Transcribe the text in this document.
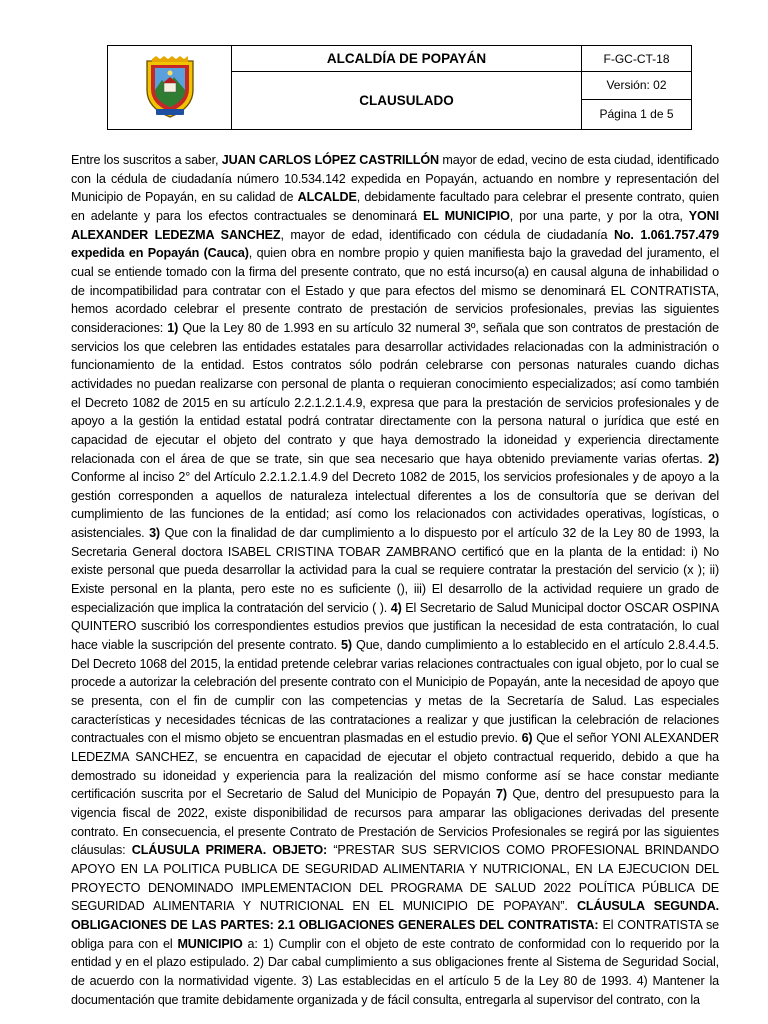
	ALCALDÍA DE POPAYÁN	F-GC-CT-18
	CLAUSULADO	Versión: 02
		Página 1 de 5
Entre los suscritos a saber, JUAN CARLOS LÓPEZ CASTRILLÓN mayor de edad, vecino de esta ciudad, identificado con la cédula de ciudadanía número 10.534.142 expedida en Popayán, actuando en nombre y representación del Municipio de Popayán, en su calidad de ALCALDE, debidamente facultado para celebrar el presente contrato, quien en adelante y para los efectos contractuales se denominará EL MUNICIPIO, por una parte, y por la otra, YONI ALEXANDER LEDEZMA SANCHEZ, mayor de edad, identificado con cédula de ciudadanía No. 1.061.757.479 expedida en Popayán (Cauca), quien obra en nombre propio y quien manifiesta bajo la gravedad del juramento, el cual se entiende tomado con la firma del presente contrato, que no está incurso(a) en causal alguna de inhabilidad o de incompatibilidad para contratar con el Estado y que para efectos del mismo se denominará EL CONTRATISTA, hemos acordado celebrar el presente contrato de prestación de servicios profesionales, previas las siguientes consideraciones: 1) Que la Ley 80 de 1.993 en su artículo 32 numeral 3º, señala que son contratos de prestación de servicios los que celebren las entidades estatales para desarrollar actividades relacionadas con la administración o funcionamiento de la entidad. Estos contratos sólo podrán celebrarse con personas naturales cuando dichas actividades no puedan realizarse con personal de planta o requieran conocimiento especializados; así como también el Decreto 1082 de 2015 en su artículo 2.2.1.2.1.4.9, expresa que para la prestación de servicios profesionales y de apoyo a la gestión la entidad estatal podrá contratar directamente con la persona natural o jurídica que esté en capacidad de ejecutar el objeto del contrato y que haya demostrado la idoneidad y experiencia directamente relacionada con el área de que se trate, sin que sea necesario que haya obtenido previamente varias ofertas. 2) Conforme al inciso 2° del Artículo 2.2.1.2.1.4.9 del Decreto 1082 de 2015, los servicios profesionales y de apoyo a la gestión corresponden a aquellos de naturaleza intelectual diferentes a los de consultoría que se derivan del cumplimiento de las funciones de la entidad; así como los relacionados con actividades operativas, logísticas, o asistenciales. 3) Que con la finalidad de dar cumplimiento a lo dispuesto por el artículo 32 de la Ley 80 de 1993, la Secretaria General doctora ISABEL CRISTINA TOBAR ZAMBRANO certificó que en la planta de la entidad: i) No existe personal que pueda desarrollar la actividad para la cual se requiere contratar la prestación del servicio (x ); ii) Existe personal en la planta, pero este no es suficiente (), iii) El desarrollo de la actividad requiere un grado de especialización que implica la contratación del servicio ( ). 4) El Secretario de Salud Municipal doctor OSCAR OSPINA QUINTERO suscribió los correspondientes estudios previos que justifican la necesidad de esta contratación, lo cual hace viable la suscripción del presente contrato. 5) Que, dando cumplimiento a lo establecido en el artículo 2.8.4.4.5. Del Decreto 1068 del 2015, la entidad pretende celebrar varias relaciones contractuales con igual objeto, por lo cual se procede a autorizar la celebración del presente contrato con el Municipio de Popayán, ante la necesidad de apoyo que se presenta, con el fin de cumplir con las competencias y metas de la Secretaría de Salud. Las especiales características y necesidades técnicas de las contrataciones a realizar y que justifican la celebración de relaciones contractuales con el mismo objeto se encuentran plasmadas en el estudio previo. 6) Que el señor YONI ALEXANDER LEDEZMA SANCHEZ, se encuentra en capacidad de ejecutar el objeto contractual requerido, debido a que ha demostrado su idoneidad y experiencia para la realización del mismo conforme así se hace constar mediante certificación suscrita por el Secretario de Salud del Municipio de Popayán 7) Que, dentro del presupuesto para la vigencia fiscal de 2022, existe disponibilidad de recursos para amparar las obligaciones derivadas del presente contrato. En consecuencia, el presente Contrato de Prestación de Servicios Profesionales se regirá por las siguientes cláusulas: CLÁUSULA PRIMERA. OBJETO: “PRESTAR SUS SERVICIOS COMO PROFESIONAL BRINDANDO APOYO EN LA POLITICA PUBLICA DE SEGURIDAD ALIMENTARIA Y NUTRICIONAL, EN LA EJECUCION DEL PROYECTO DENOMINADO IMPLEMENTACION DEL PROGRAMA DE SALUD 2022 POLÍTICA PÚBLICA DE SEGURIDAD ALIMENTARIA Y NUTRICIONAL EN EL MUNICIPIO DE POPAYAN”. CLÁUSULA SEGUNDA. OBLIGACIONES DE LAS PARTES: 2.1 OBLIGACIONES GENERALES DEL CONTRATISTA: El CONTRATISTA se obliga para con el MUNICIPIO a: 1) Cumplir con el objeto de este contrato de conformidad con lo requerido por la entidad y en el plazo estipulado. 2) Dar cabal cumplimiento a sus obligaciones frente al Sistema de Seguridad Social, de acuerdo con la normatividad vigente. 3) Las establecidas en el artículo 5 de la Ley 80 de 1993. 4) Mantener la documentación que tramite debidamente organizada y de fácil consulta, entregarla al supervisor del contrato, con la
